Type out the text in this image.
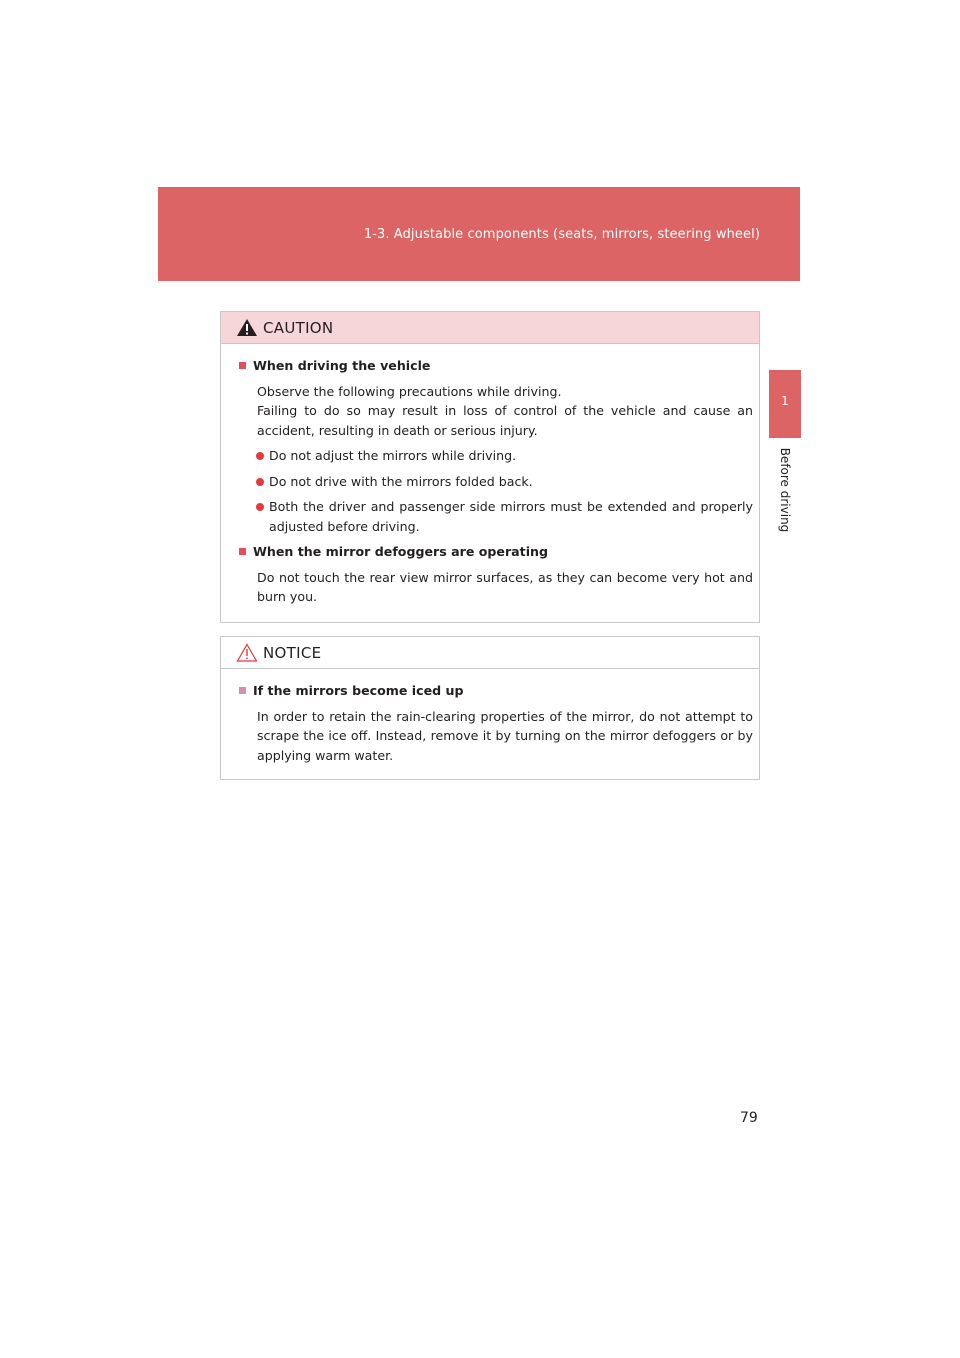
1-3. Adjustable components (seats, mirrors, steering wheel)
1
Before driving
CAUTION
When driving the vehicle
Observe the following precautions while driving.
Failing to do so may result in loss of control of the vehicle and cause an accident, resulting in death or serious injury.
Do not adjust the mirrors while driving.
Do not drive with the mirrors folded back.
Both the driver and passenger side mirrors must be extended and properly adjusted before driving.
When the mirror defoggers are operating
Do not touch the rear view mirror surfaces, as they can become very hot and burn you.
NOTICE
If the mirrors become iced up
In order to retain the rain-clearing properties of the mirror, do not attempt to scrape the ice off. Instead, remove it by turning on the mirror defoggers or by applying warm water.
79
